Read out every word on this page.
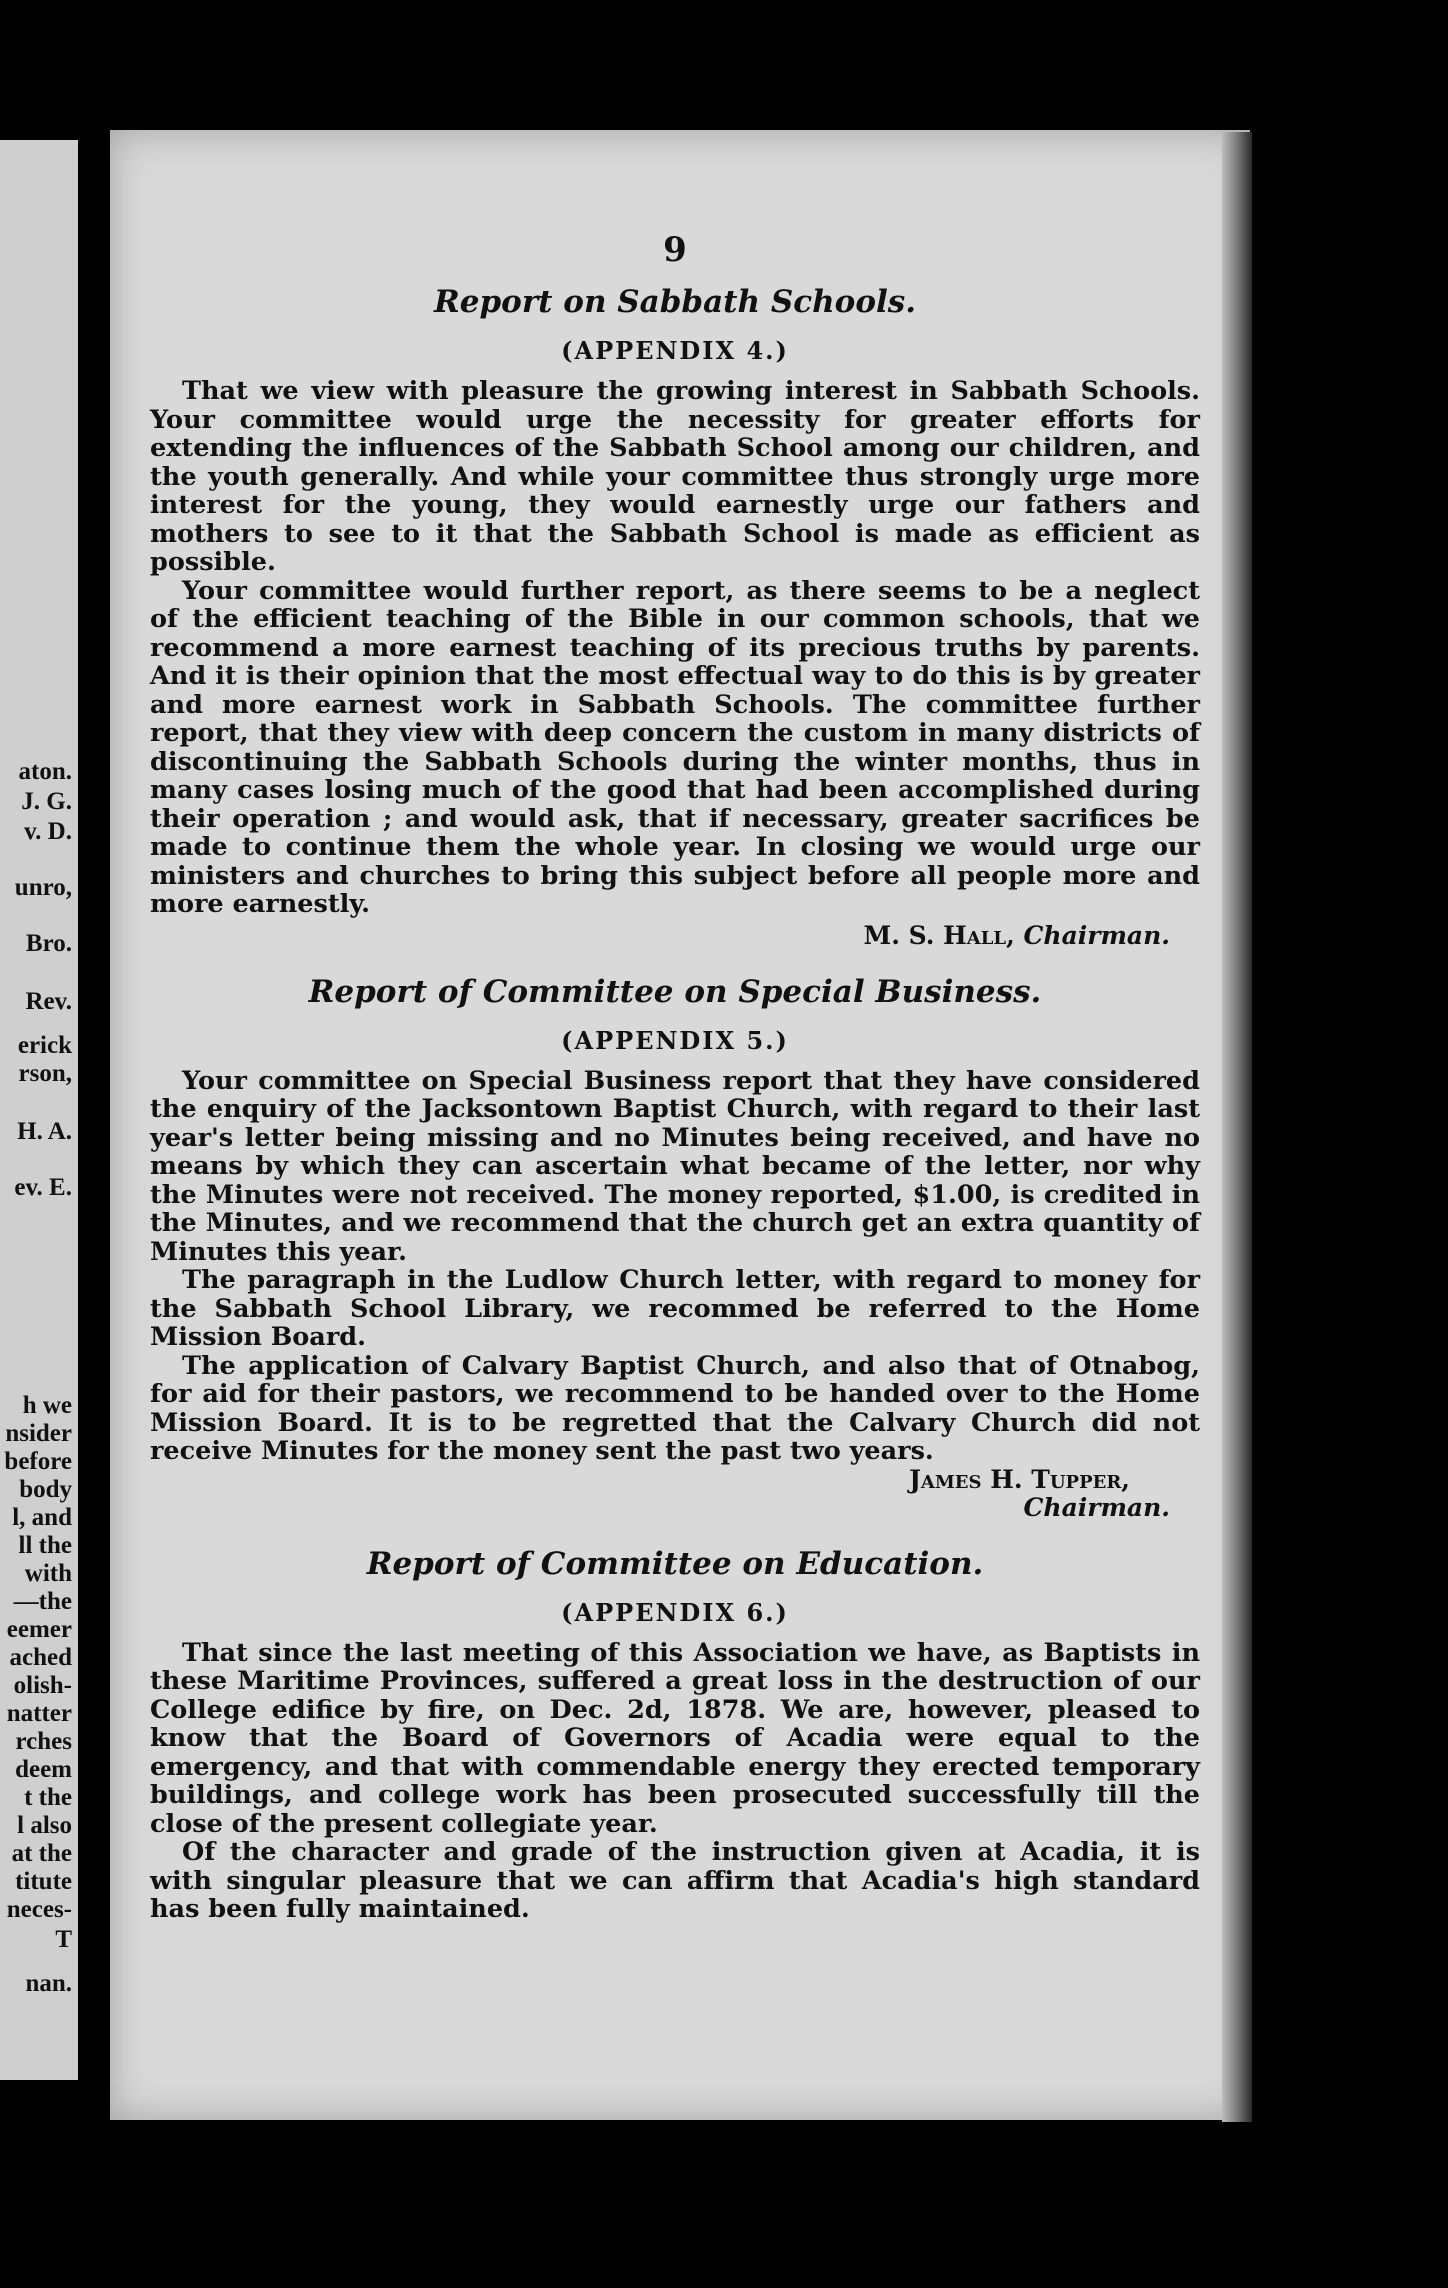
aton.
J. G.
v. D.
unro,
Bro.
Rev.
erick
rson,
H. A.
ev. E.
h we
nsider
before
body
l, and
ll the
with
—the
eemer
ached
olish-
natter
rches
deem
t the
l also
at the
titute
neces-
T
nan.
9
Report on Sabbath Schools.
(APPENDIX 4.)

That we view with pleasure the growing interest in Sabbath Schools. Your committee would urge the necessity for greater efforts for extending the influences of the Sabbath School among our children, and the youth generally. And while your committee thus strongly urge more interest for the young, they would earnestly urge our fathers and mothers to see to it that the Sabbath School is made as efficient as possible.

Your committee would further report, as there seems to be a neglect of the efficient teaching of the Bible in our common schools, that we recommend a more earnest teaching of its precious truths by parents. And it is their opinion that the most effectual way to do this is by greater and more earnest work in Sabbath Schools. The committee further report, that they view with deep concern the custom in many districts of discontinuing the Sabbath Schools during the winter months, thus in many cases losing much of the good that had been accomplished during their operation ; and would ask, that if necessary, greater sacrifices be made to continue them the whole year. In closing we would urge our ministers and churches to bring this subject before all people more and more earnestly.

M. S. Hall, Chairman.
Report of Committee on Special Business.
(APPENDIX 5.)

Your committee on Special Business report that they have considered the enquiry of the Jacksontown Baptist Church, with regard to their last year's letter being missing and no Minutes being received, and have no means by which they can ascertain what became of the letter, nor why the Minutes were not received. The money reported, $1.00, is credited in the Minutes, and we recommend that the church get an extra quantity of Minutes this year.

The paragraph in the Ludlow Church letter, with regard to money for the Sabbath School Library, we recommed be referred to the Home Mission Board.

The application of Calvary Baptist Church, and also that of Otnabog, for aid for their pastors, we recommend to be handed over to the Home Mission Board. It is to be regretted that the Calvary Church did not receive Minutes for the money sent the past two years.

James H. Tupper,
Chairman.
Report of Committee on Education.
(APPENDIX 6.)

That since the last meeting of this Association we have, as Baptists in these Maritime Provinces, suffered a great loss in the destruction of our College edifice by fire, on Dec. 2d, 1878. We are, however, pleased to know that the Board of Governors of Acadia were equal to the emergency, and that with commendable energy they erected temporary buildings, and college work has been prosecuted successfully till the close of the present collegiate year.

Of the character and grade of the instruction given at Acadia, it is with singular pleasure that we can affirm that Acadia's high standard has been fully maintained.
